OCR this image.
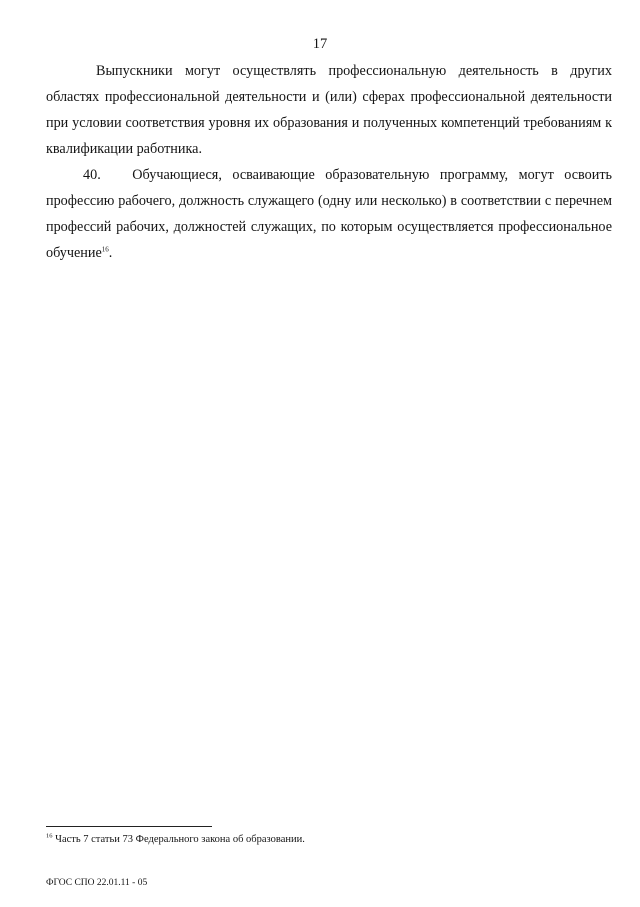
17

Выпускники могут осуществлять профессиональную деятельность в других областях профессиональной деятельности и (или) сферах профессиональной деятельности при условии соответствия уровня их образования и полученных компетенций требованиям к квалификации работника.

40. Обучающиеся, осваивающие образовательную программу, могут освоить профессию рабочего, должность служащего (одну или несколько) в соответствии с перечнем профессий рабочих, должностей служащих, по которым осуществляется профессиональное обучение$^{16}$.

$^{16}$ Часть 7 статьи 73 Федерального закона об образовании.
ФГОС СПО 22.01.11 - 05
